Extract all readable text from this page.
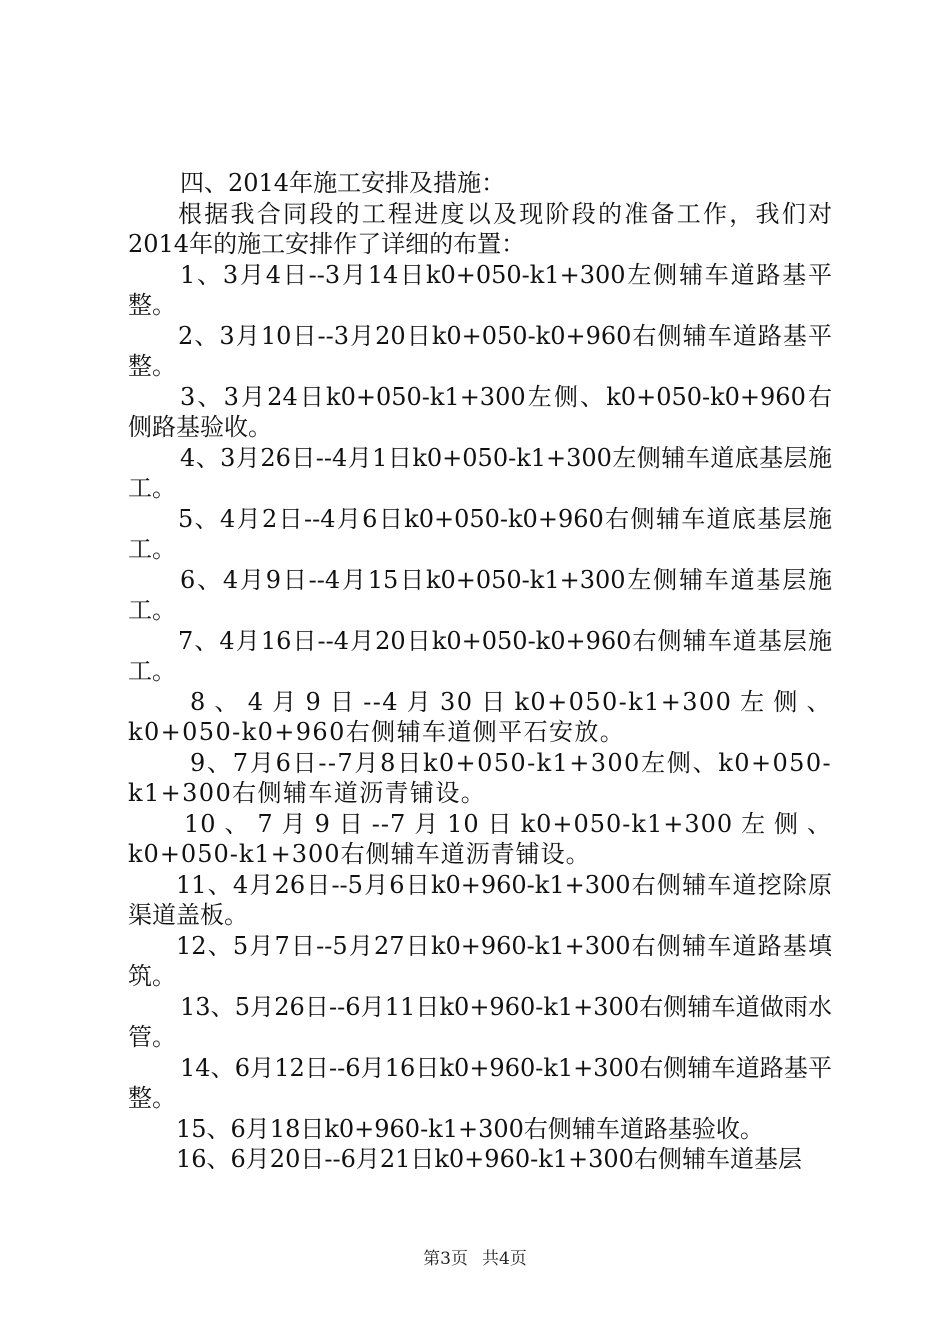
四、2014年施工安排及措施：

根据我合同段的工程进度以及现阶段的准备工作，我们对2014年的施工安排作了详细的布置：

1、3月4日--3月14日k0+050-k1+300左侧辅车道路基平整。

2、3月10日--3月20日k0+050-k0+960右侧辅车道路基平整。

3、3月24日k0+050-k1+300左侧、k0+050-k0+960右侧路基验收。

4、3月26日--4月1日k0+050-k1+300左侧辅车道底基层施工。

5、4月2日--4月6日k0+050-k0+960右侧辅车道底基层施工。

6、4月9日--4月15日k0+050-k1+300左侧辅车道基层施工。

7、4月16日--4月20日k0+050-k0+960右侧辅车道基层施工。

8、4月9日--4月30日k0+050-k1+300左侧、k0+050-k0+960右侧辅车道侧平石安放。

9、7月6日--7月8日k0+050-k1+300左侧、k0+050-k1+300右侧辅车道沥青铺设。

10、7月9日--7月10日k0+050-k1+300左侧、k0+050-k1+300右侧辅车道沥青铺设。

11、4月26日--5月6日k0+960-k1+300右侧辅车道挖除原渠道盖板。

12、5月7日--5月27日k0+960-k1+300右侧辅车道路基填筑。

13、5月26日--6月11日k0+960-k1+300右侧辅车道做雨水管。

14、6月12日--6月16日k0+960-k1+300右侧辅车道路基平整。

15、6月18日k0+960-k1+300右侧辅车道路基验收。

16、6月20日--6月21日k0+960-k1+300右侧辅车道基层

第3页 共4页
